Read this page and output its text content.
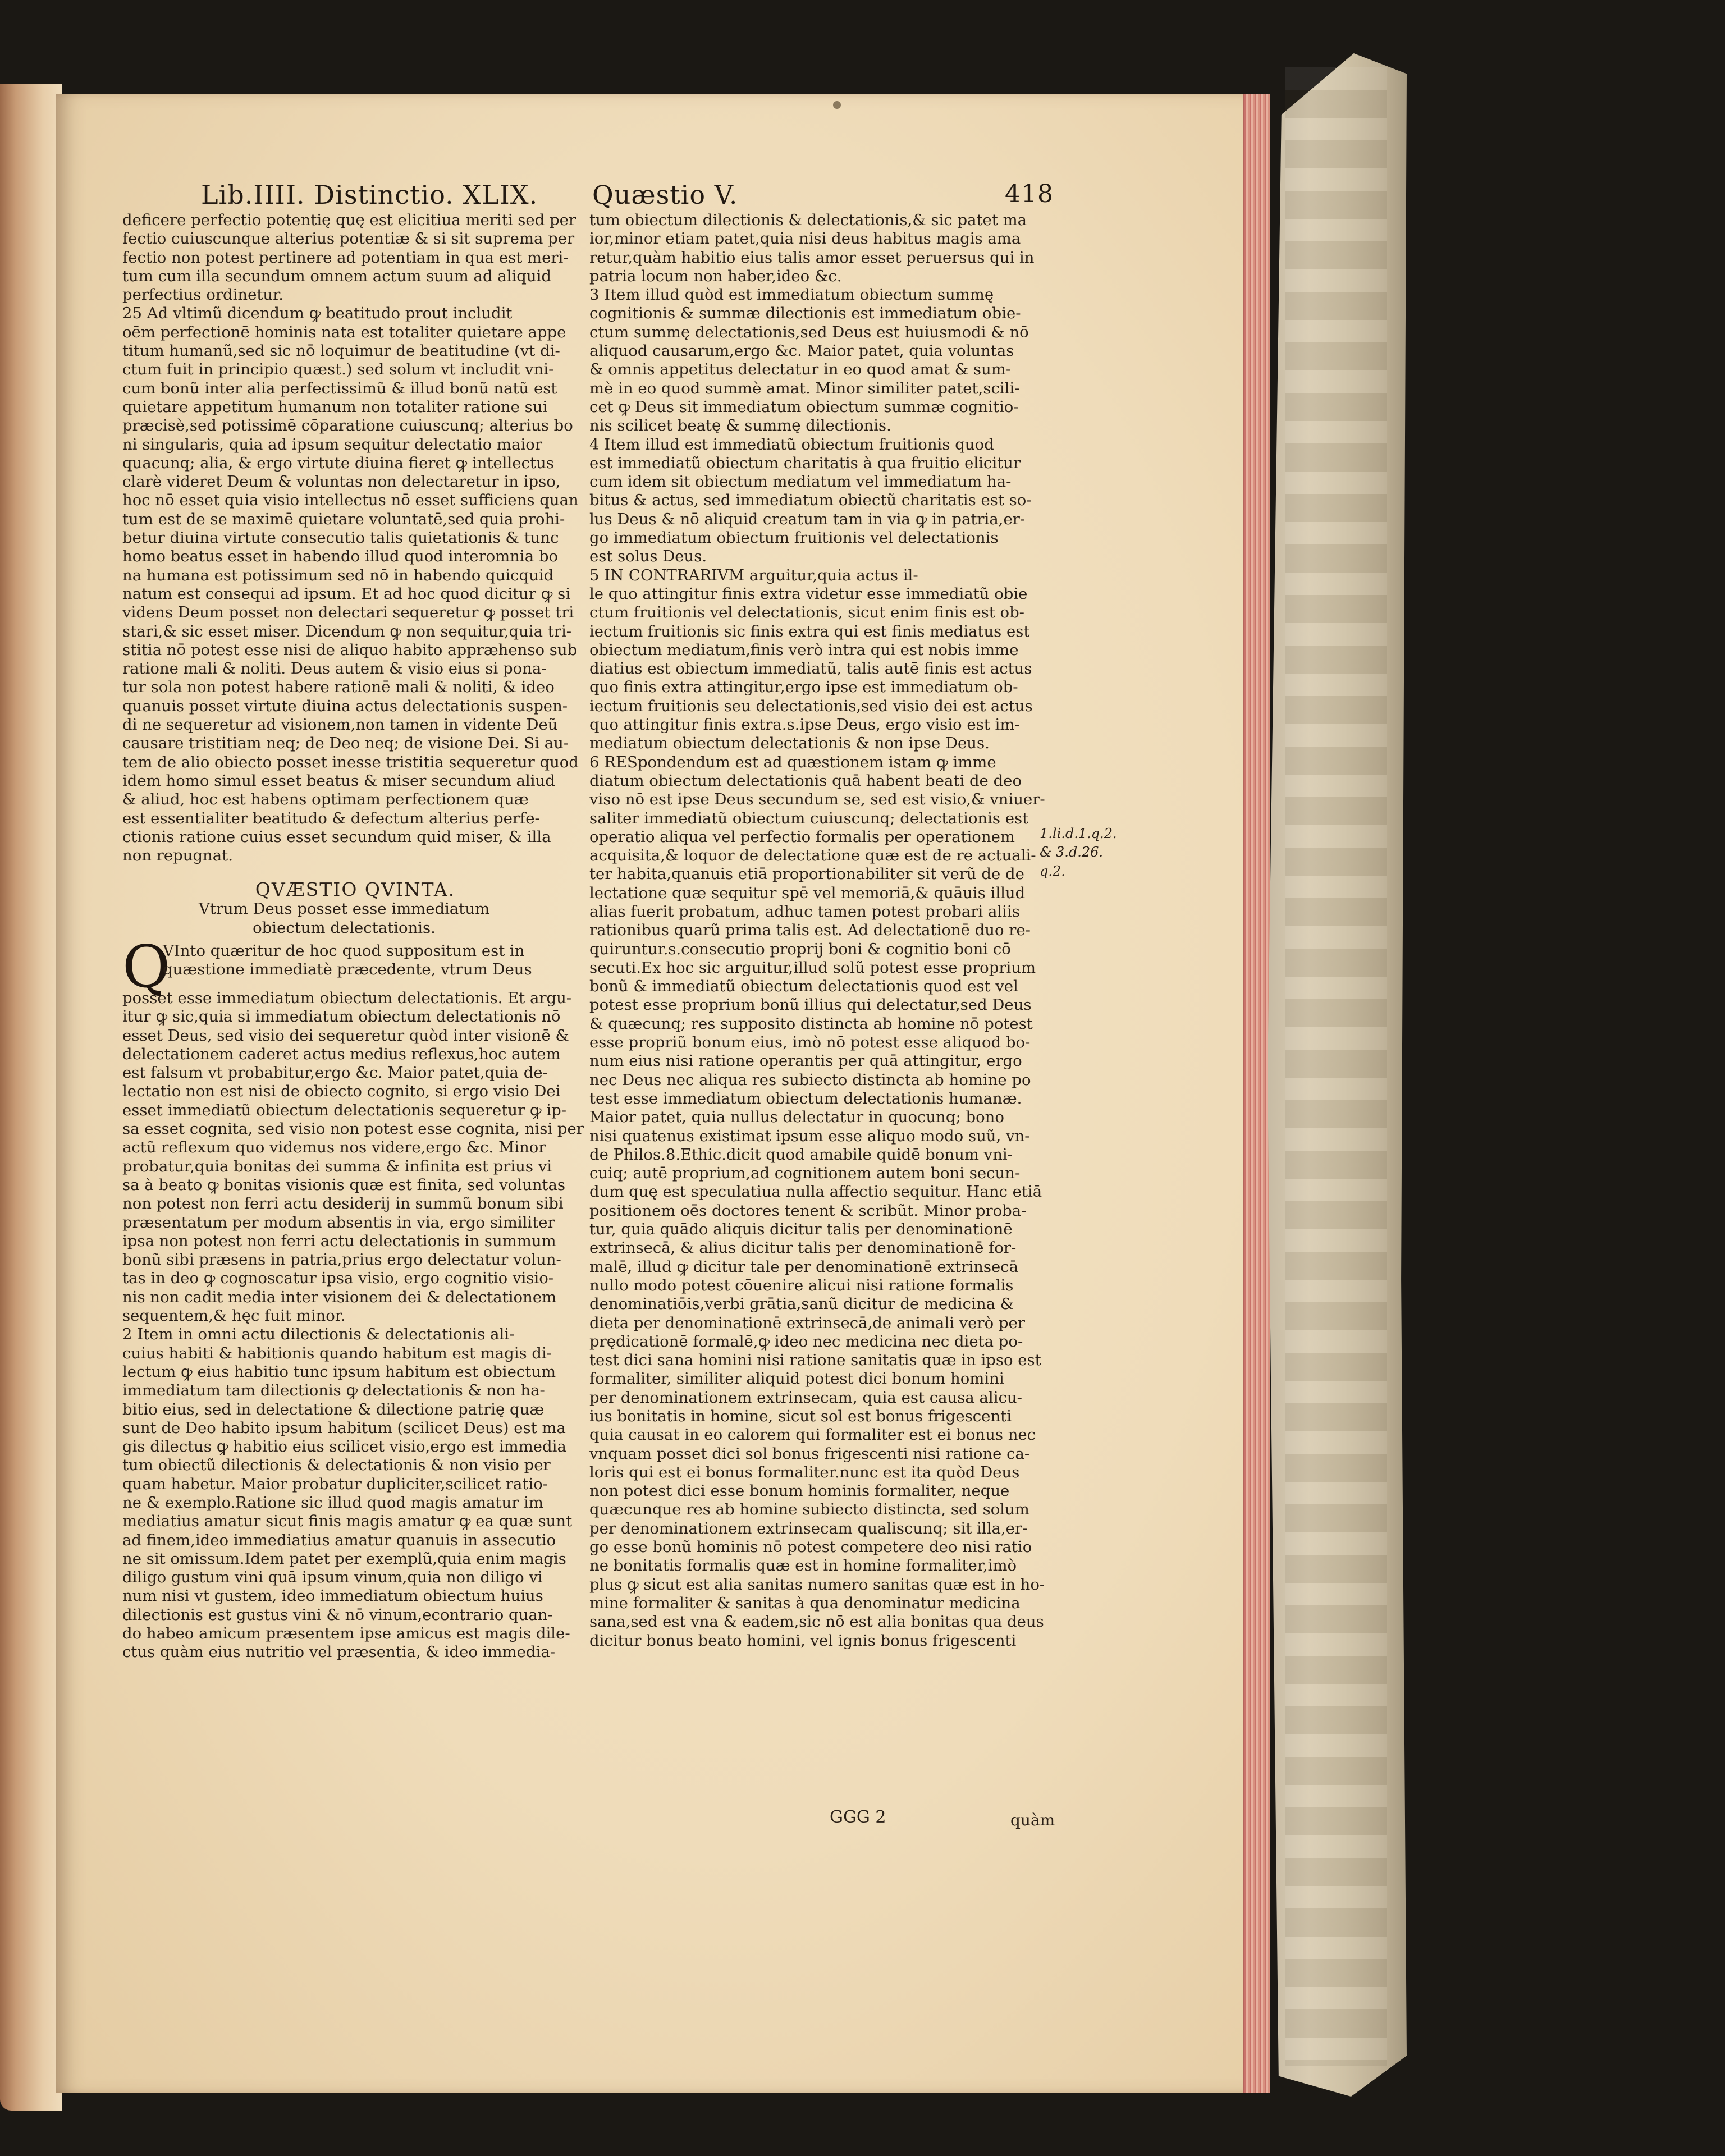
Lib.IIII. Distinctio. XLIX. Quæstio V.	418
deficere perfectio potentię quę est elicitiua meriti sed per
fectio cuiuscunque alterius potentiæ & si sit suprema per
fectio non potest pertinere ad potentiam in qua est meri-
tum cum illa secundum omnem actum suum ad aliquid
perfectius ordinetur.
25 Ad vltimũ dicendum ꝙ beatitudo prout includit
oēm perfectionē hominis nata est totaliter quietare appe
titum humanũ,sed sic nō loquimur de beatitudine (vt di-
ctum fuit in principio quæst.) sed solum vt includit vni-
cum bonũ inter alia perfectissimũ & illud bonũ natũ est
quietare appetitum humanum non totaliter ratione sui
præcisè,sed potissimē cōparatione cuiuscunq; alterius bo
ni singularis, quia ad ipsum sequitur delectatio maior
quacunq; alia, & ergo virtute diuina fieret ꝙ intellectus
clarè videret Deum & voluntas non delectaretur in ipso,
hoc nō esset quia visio intellectus nō esset sufficiens quan
tum est de se maximē quietare voluntatē,sed quia prohi-
betur diuina virtute consecutio talis quietationis & tunc
homo beatus esset in habendo illud quod interomnia bo
na humana est potissimum sed nō in habendo quicquid
natum est consequi ad ipsum. Et ad hoc quod dicitur ꝙ si
videns Deum posset non delectari sequeretur ꝙ posset tri
stari,& sic esset miser. Dicendum ꝙ non sequitur,quia tri-
stitia nō potest esse nisi de aliquo habito appræhenso sub
ratione mali & noliti. Deus autem & visio eius si pona-
tur sola non potest habere rationē mali & noliti, & ideo
quanuis posset virtute diuina actus delectationis suspen-
di ne sequeretur ad visionem,non tamen in vidente Deũ
causare tristitiam neq; de Deo neq; de visione Dei. Si au-
tem de alio obiecto posset inesse tristitia sequeretur quod
idem homo simul esset beatus & miser secundum aliud
& aliud, hoc est habens optimam perfectionem quæ
est essentialiter beatitudo & defectum alterius perfe-
ctionis ratione cuius esset secundum quid miser, & illa
non repugnat.
QVÆSTIO QVINTA.
Vtrum Deus posset esse immediatum
obiectum delectationis.
Q
VInto quæritur de hoc quod suppositum est in
quæstione immediatè præcedente, vtrum Deus
posset esse immediatum obiectum delectationis. Et argu-
itur ꝙ sic,quia si immediatum obiectum delectationis nō
esset Deus, sed visio dei sequeretur quòd inter visionē &
delectationem caderet actus medius reflexus,hoc autem
est falsum vt probabitur,ergo &c. Maior patet,quia de-
lectatio non est nisi de obiecto cognito, si ergo visio Dei
esset immediatũ obiectum delectationis sequeretur ꝙ ip-
sa esset cognita, sed visio non potest esse cognita, nisi per
actũ reflexum quo videmus nos videre,ergo &c. Minor
probatur,quia bonitas dei summa & infinita est prius vi
sa à beato ꝙ bonitas visionis quæ est finita, sed voluntas
non potest non ferri actu desiderij in summũ bonum sibi
præsentatum per modum absentis in via, ergo similiter
ipsa non potest non ferri actu delectationis in summum
bonũ sibi præsens in patria,prius ergo delectatur volun-
tas in deo ꝙ cognoscatur ipsa visio, ergo cognitio visio-
nis non cadit media inter visionem dei & delectationem
sequentem,& hęc fuit minor.
2 Item in omni actu dilectionis & delectationis ali-
cuius habiti & habitionis quando habitum est magis di-
lectum ꝙ eius habitio tunc ipsum habitum est obiectum
immediatum tam dilectionis ꝙ delectationis & non ha-
bitio eius, sed in delectatione & dilectione patrię quæ
sunt de Deo habito ipsum habitum (scilicet Deus) est ma
gis dilectus ꝙ habitio eius scilicet visio,ergo est immedia
tum obiectũ dilectionis & delectationis & non visio per
quam habetur. Maior probatur dupliciter,scilicet ratio-
ne & exemplo.Ratione sic illud quod magis amatur im
mediatius amatur sicut finis magis amatur ꝙ ea quæ sunt
ad finem,ideo immediatius amatur quanuis in assecutio
ne sit omissum.Idem patet per exemplũ,quia enim magis
diligo gustum vini quā ipsum vinum,quia non diligo vi
num nisi vt gustem, ideo immediatum obiectum huius
dilectionis est gustus vini & nō vinum,econtrario quan-
do habeo amicum præsentem ipse amicus est magis dile-
ctus quàm eius nutritio vel præsentia, & ideo immedia-
tum obiectum dilectionis & delectationis,& sic patet ma
ior,minor etiam patet,quia nisi deus habitus magis ama
retur,quàm habitio eius talis amor esset peruersus qui in
patria locum non haber,ideo &c.
3 Item illud quòd est immediatum obiectum summę
cognitionis & summæ dilectionis est immediatum obie-
ctum summę delectationis,sed Deus est huiusmodi & nō
aliquod causarum,ergo &c. Maior patet, quia voluntas
& omnis appetitus delectatur in eo quod amat & sum-
mè in eo quod summè amat. Minor similiter patet,scili-
cet ꝙ Deus sit immediatum obiectum summæ cognitio-
nis scilicet beatę & summę dilectionis.
4 Item illud est immediatũ obiectum fruitionis quod
est immediatũ obiectum charitatis à qua fruitio elicitur
cum idem sit obiectum mediatum vel immediatum ha-
bitus & actus, sed immediatum obiectũ charitatis est so-
lus Deus & nō aliquid creatum tam in via ꝙ in patria,er-
go immediatum obiectum fruitionis vel delectationis
est solus Deus.
5 IN CONTRARIVM arguitur,quia actus il-
le quo attingitur finis extra videtur esse immediatũ obie
ctum fruitionis vel delectationis, sicut enim finis est ob-
iectum fruitionis sic finis extra qui est finis mediatus est
obiectum mediatum,finis verò intra qui est nobis imme
diatius est obiectum immediatũ, talis autē finis est actus
quo finis extra attingitur,ergo ipse est immediatum ob-
iectum fruitionis seu delectationis,sed visio dei est actus
quo attingitur finis extra.s.ipse Deus, ergo visio est im-
mediatum obiectum delectationis & non ipse Deus.
6 RESpondendum est ad quæstionem istam ꝙ imme
diatum obiectum delectationis quā habent beati de deo
viso nō est ipse Deus secundum se, sed est visio,& vniuer-
saliter immediatũ obiectum cuiuscunq; delectationis est
operatio aliqua vel perfectio formalis per operationem
acquisita,& loquor de delectatione quæ est de re actuali-
ter habita,quanuis etiā proportionabiliter sit verũ de de
lectatione quæ sequitur spē vel memoriā,& quāuis illud
alias fuerit probatum, adhuc tamen potest probari aliis
rationibus quarũ prima talis est. Ad delectationē duo re-
quiruntur.s.consecutio proprij boni & cognitio boni cō
secuti.Ex hoc sic arguitur,illud solũ potest esse proprium
bonũ & immediatũ obiectum delectationis quod est vel
potest esse proprium bonũ illius qui delectatur,sed Deus
& quæcunq; res supposito distincta ab homine nō potest
esse propriũ bonum eius, imò nō potest esse aliquod bo-
num eius nisi ratione operantis per quā attingitur, ergo
nec Deus nec aliqua res subiecto distincta ab homine po
test esse immediatum obiectum delectationis humanæ.
Maior patet, quia nullus delectatur in quocunq; bono
nisi quatenus existimat ipsum esse aliquo modo suũ, vn-
de Philos.8.Ethic.dicit quod amabile quidē bonum vni-
cuiq; autē proprium,ad cognitionem autem boni secun-
dum quę est speculatiua nulla affectio sequitur. Hanc etiā
positionem oēs doctores tenent & scribũt. Minor proba-
tur, quia quādo aliquis dicitur talis per denominationē
extrinsecā, & alius dicitur talis per denominationē for-
malē, illud ꝙ dicitur tale per denominationē extrinsecā
nullo modo potest cōuenire alicui nisi ratione formalis
denominatiōis,verbi grātia,sanũ dicitur de medicina &
dieta per denominationē extrinsecā,de animali verò per
prędicationē formalē,ꝙ ideo nec medicina nec dieta po-
test dici sana homini nisi ratione sanitatis quæ in ipso est
formaliter, similiter aliquid potest dici bonum homini
per denominationem extrinsecam, quia est causa alicu-
ius bonitatis in homine, sicut sol est bonus frigescenti
quia causat in eo calorem qui formaliter est ei bonus nec
vnquam posset dici sol bonus frigescenti nisi ratione ca-
loris qui est ei bonus formaliter.nunc est ita quòd Deus
non potest dici esse bonum hominis formaliter, neque
quæcunque res ab homine subiecto distincta, sed solum
per denominationem extrinsecam qualiscunq; sit illa,er-
go esse bonũ hominis nō potest competere deo nisi ratio
ne bonitatis formalis quæ est in homine formaliter,imò
plus ꝙ sicut est alia sanitas numero sanitas quæ est in ho-
mine formaliter & sanitas à qua denominatur medicina
sana,sed est vna & eadem,sic nō est alia bonitas qua deus
dicitur bonus beato homini, vel ignis bonus frigescenti
1.li.d.1.q.2.
& 3.d.26.
q.2.
GGG 2	quàm
